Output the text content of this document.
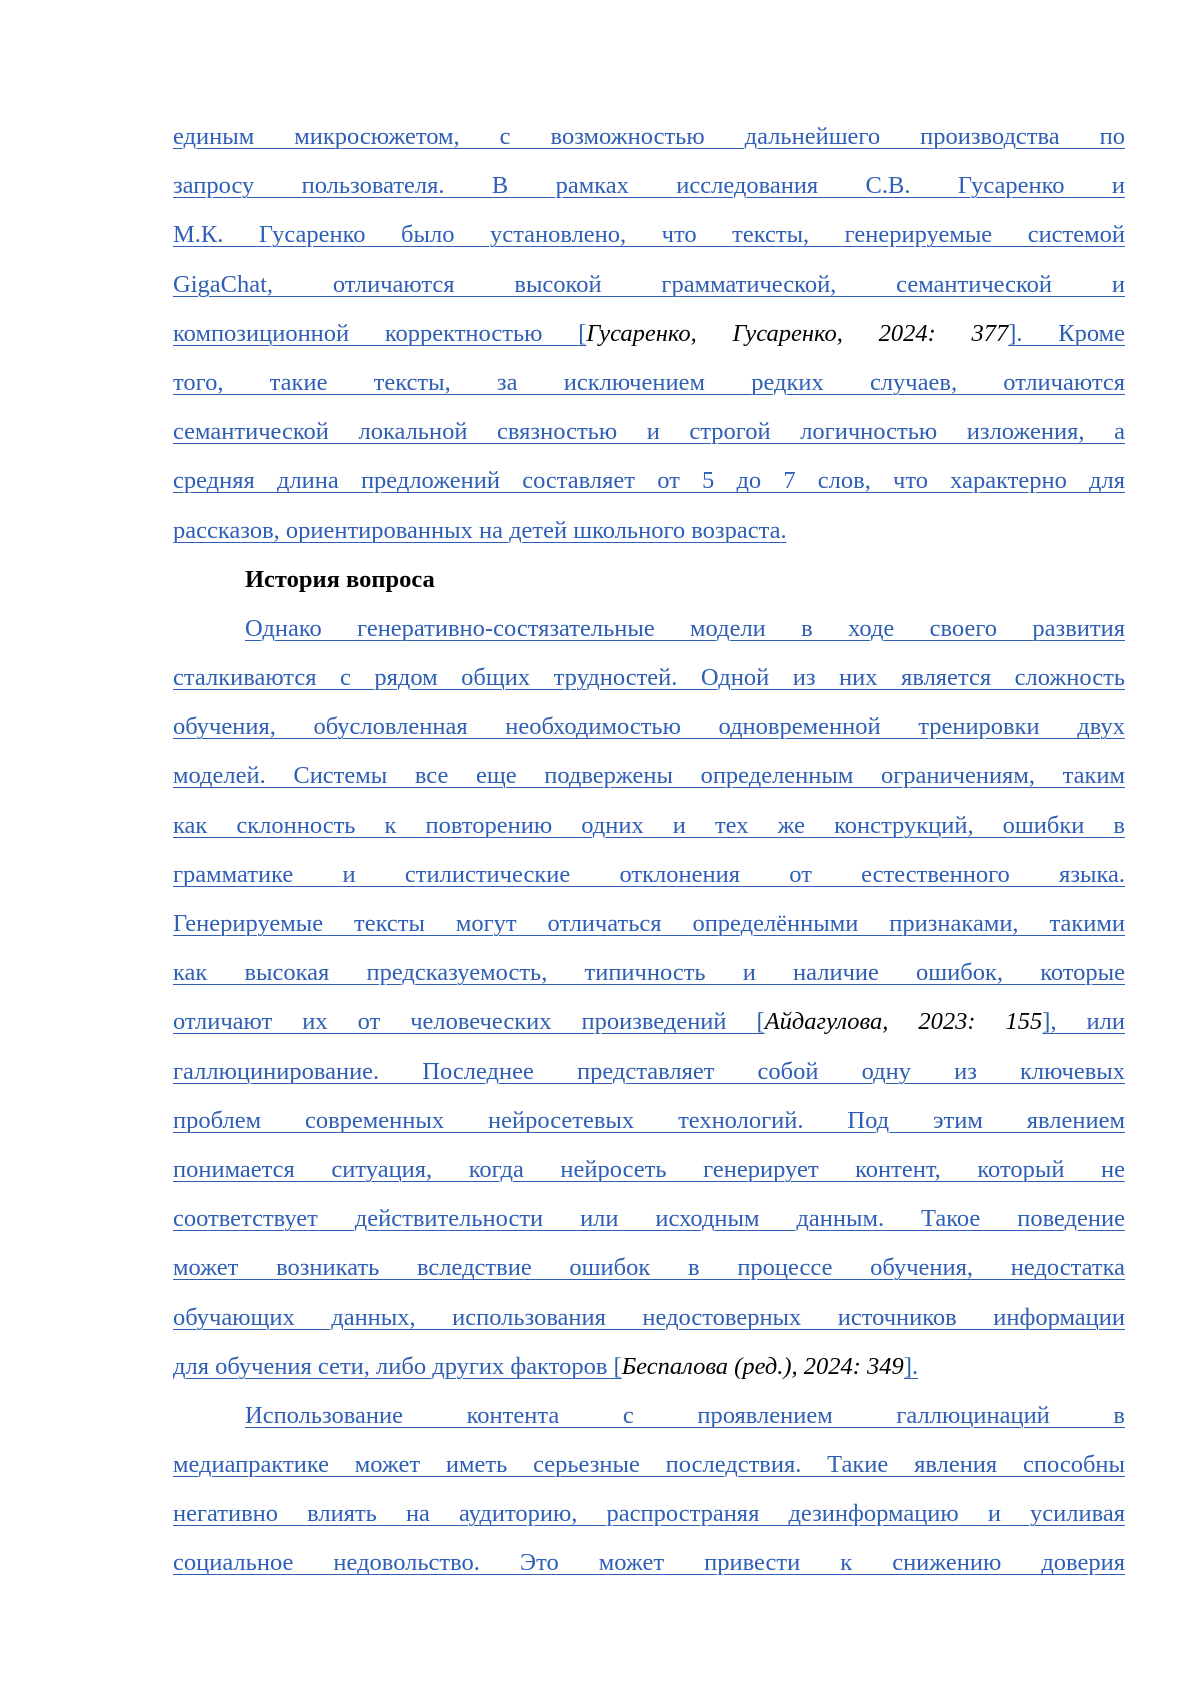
единым микросюжетом, с возможностью дальнейшего производства по
запросу пользователя. В рамках исследования С.В. Гусаренко и
М.К. Гусаренко было установлено, что тексты, генерируемые системой
GigaChat, отличаются высокой грамматической, семантической и
композиционной корректностью [Гусаренко, Гусаренко, 2024: 377]. Кроме
того, такие тексты, за исключением редких случаев, отличаются
семантической локальной связностью и строгой логичностью изложения, а
средняя длина предложений составляет от 5 до 7 слов, что характерно для
рассказов, ориентированных на детей школьного возраста.
История вопроса
Однако генеративно-состязательные модели в ходе своего развития
сталкиваются с рядом общих трудностей. Одной из них является сложность
обучения, обусловленная необходимостью одновременной тренировки двух
моделей. Системы все еще подвержены определенным ограничениям, таким
как склонность к повторению одних и тех же конструкций, ошибки в
грамматике и стилистические отклонения от естественного языка.
Генерируемые тексты могут отличаться определёнными признаками, такими
как высокая предсказуемость, типичность и наличие ошибок, которые
отличают их от человеческих произведений [Айдагулова, 2023: 155], или
галлюцинирование. Последнее представляет собой одну из ключевых
проблем современных нейросетевых технологий. Под этим явлением
понимается ситуация, когда нейросеть генерирует контент, который не
соответствует действительности или исходным данным. Такое поведение
может возникать вследствие ошибок в процессе обучения, недостатка
обучающих данных, использования недостоверных источников информации
для обучения сети, либо других факторов [Беспалова (ред.), 2024: 349].
Использование контента с проявлением галлюцинаций в
медиапрактике может иметь серьезные последствия. Такие явления способны
негативно влиять на аудиторию, распространяя дезинформацию и усиливая
социальное недовольство. Это может привести к снижению доверия
